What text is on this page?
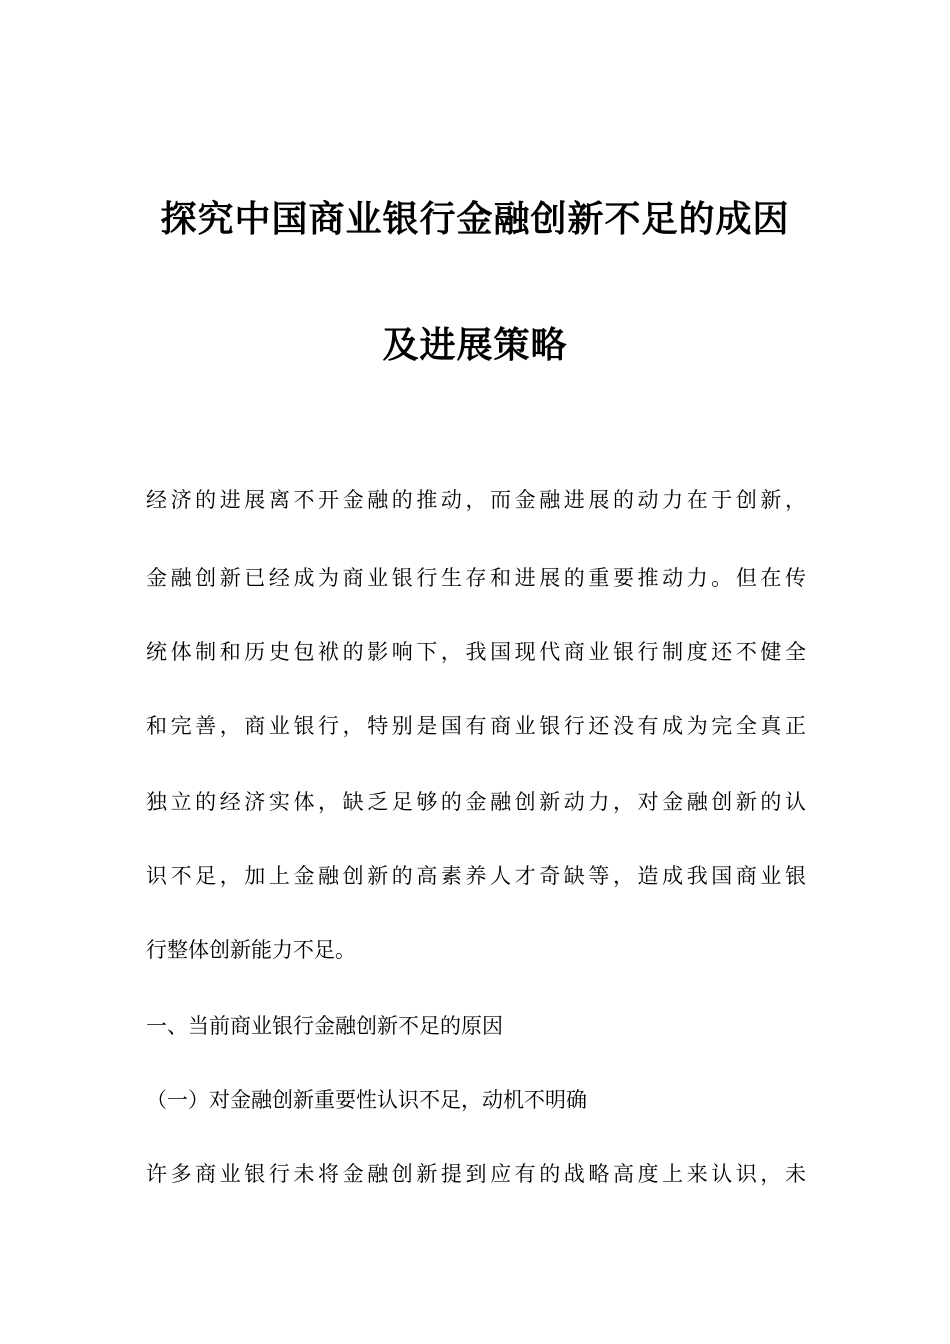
探究中国商业银行金融创新不足的成因
及进展策略
经济的进展离不开金融的推动，而金融进展的动力在于创新，
金融创新已经成为商业银行生存和进展的重要推动力。但在传
统体制和历史包袱的影响下，我国现代商业银行制度还不健全
和完善，商业银行，特别是国有商业银行还没有成为完全真正
独立的经济实体，缺乏足够的金融创新动力，对金融创新的认
识不足，加上金融创新的高素养人才奇缺等，造成我国商业银
行整体创新能力不足。
一、当前商业银行金融创新不足的原因
（一）对金融创新重要性认识不足，动机不明确
许多商业银行未将金融创新提到应有的战略高度上来认识，未
